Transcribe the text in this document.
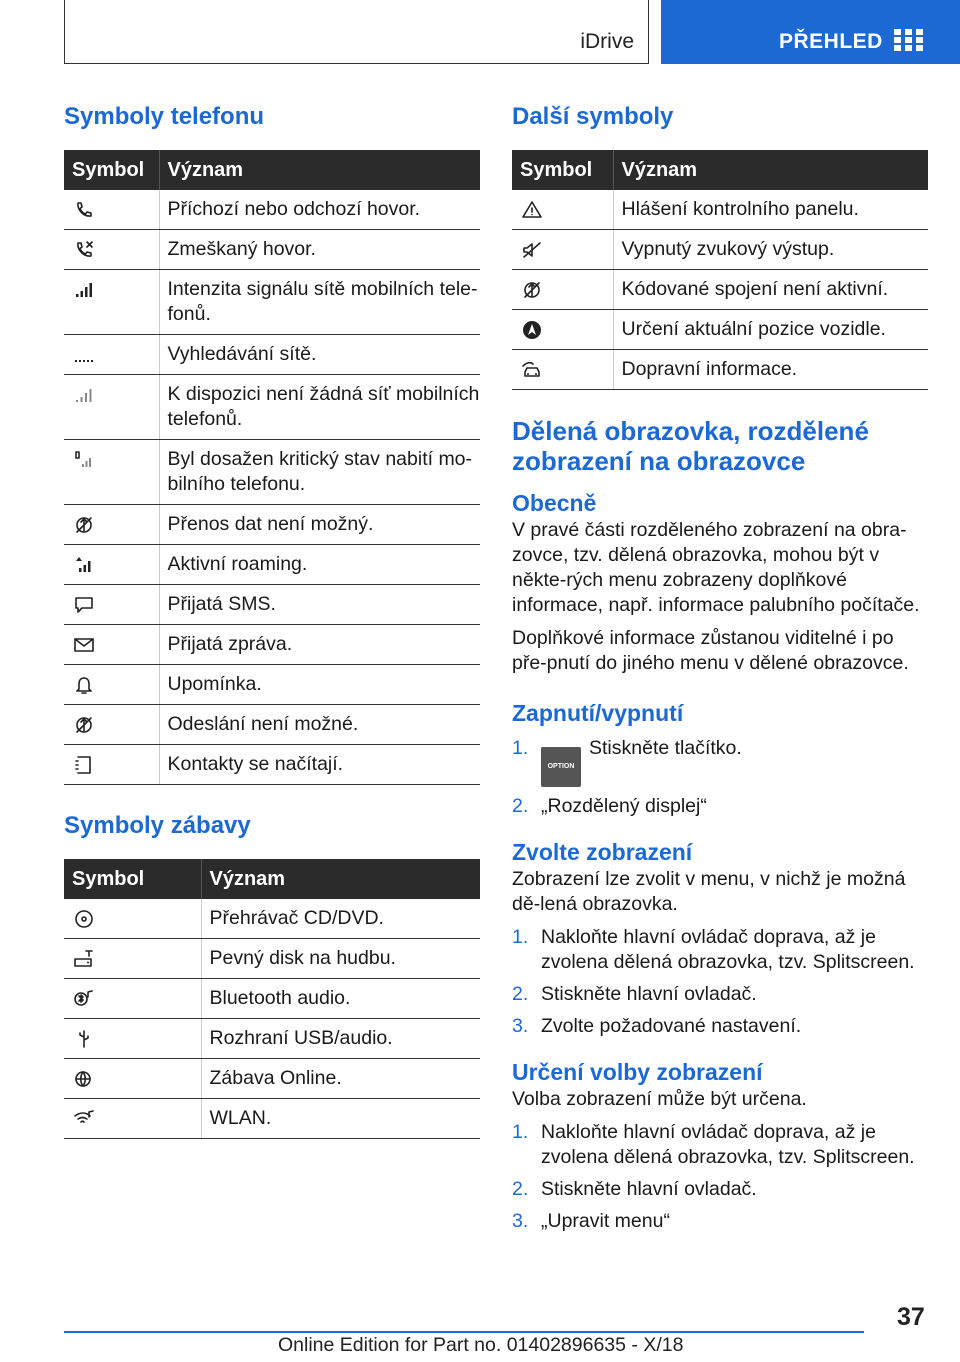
iDrive	PŘEHLED
Symboly telefonu
Symbol	Význam

	Příchozí nebo odchozí hovor.

	Zmeškaný hovor.

	Intenzita signálu sítě mobilních tele-fonů.

	Vyhledávání sítě.

	K dispozici není žádná síť mobilních telefonů.

	Byl dosažen kritický stav nabití mo-bilního telefonu.

	Přenos dat není možný.

	Aktivní roaming.

	Přijatá SMS.

	Přijatá zpráva.

	Upomínka.

	Odeslání není možné.

	Kontakty se načítají.
Symboly zábavy
Symbol	Význam

	Přehrávač CD/DVD.

	Pevný disk na hudbu.

	Bluetooth audio.

	Rozhraní USB/audio.

	Zábava Online.

	WLAN.
Další symboly
Symbol	Význam

	Hlášení kontrolního panelu.

	Vypnutý zvukový výstup.

	Kódované spojení není aktivní.

	Určení aktuální pozice vozidle.

	Dopravní informace.
Dělená obrazovka, rozdělené zobrazení na obrazovce
Obecně

V pravé části rozděleného zobrazení na obra-zovce, tzv. dělená obrazovka, mohou být v někte-rých menu zobrazeny doplňkové informace, např. informace palubního počítače.

Doplňkové informace zůstanou viditelné i po pře-pnutí do jiného menu v dělené obrazovce.

Zapnutí/vypnutí
1.
OPTIONStiskněte tlačítko.
2. „Rozdělený displej“
Zvolte zobrazení

Zobrazení lze zvolit v menu, v nichž je možná dě-lená obrazovka.

1. Nakloňte hlavní ovládač doprava, až je zvolena dělená obrazovka, tzv. Splitscreen.
2. Stiskněte hlavní ovladač.
3. Zvolte požadované nastavení.
Určení volby zobrazení

Volba zobrazení může být určena.

1. Nakloňte hlavní ovládač doprava, až je zvolena dělená obrazovka, tzv. Splitscreen.
2. Stiskněte hlavní ovladač.
3. „Upravit menu“
37
Online Edition for Part no. 01402896635 - X/18
